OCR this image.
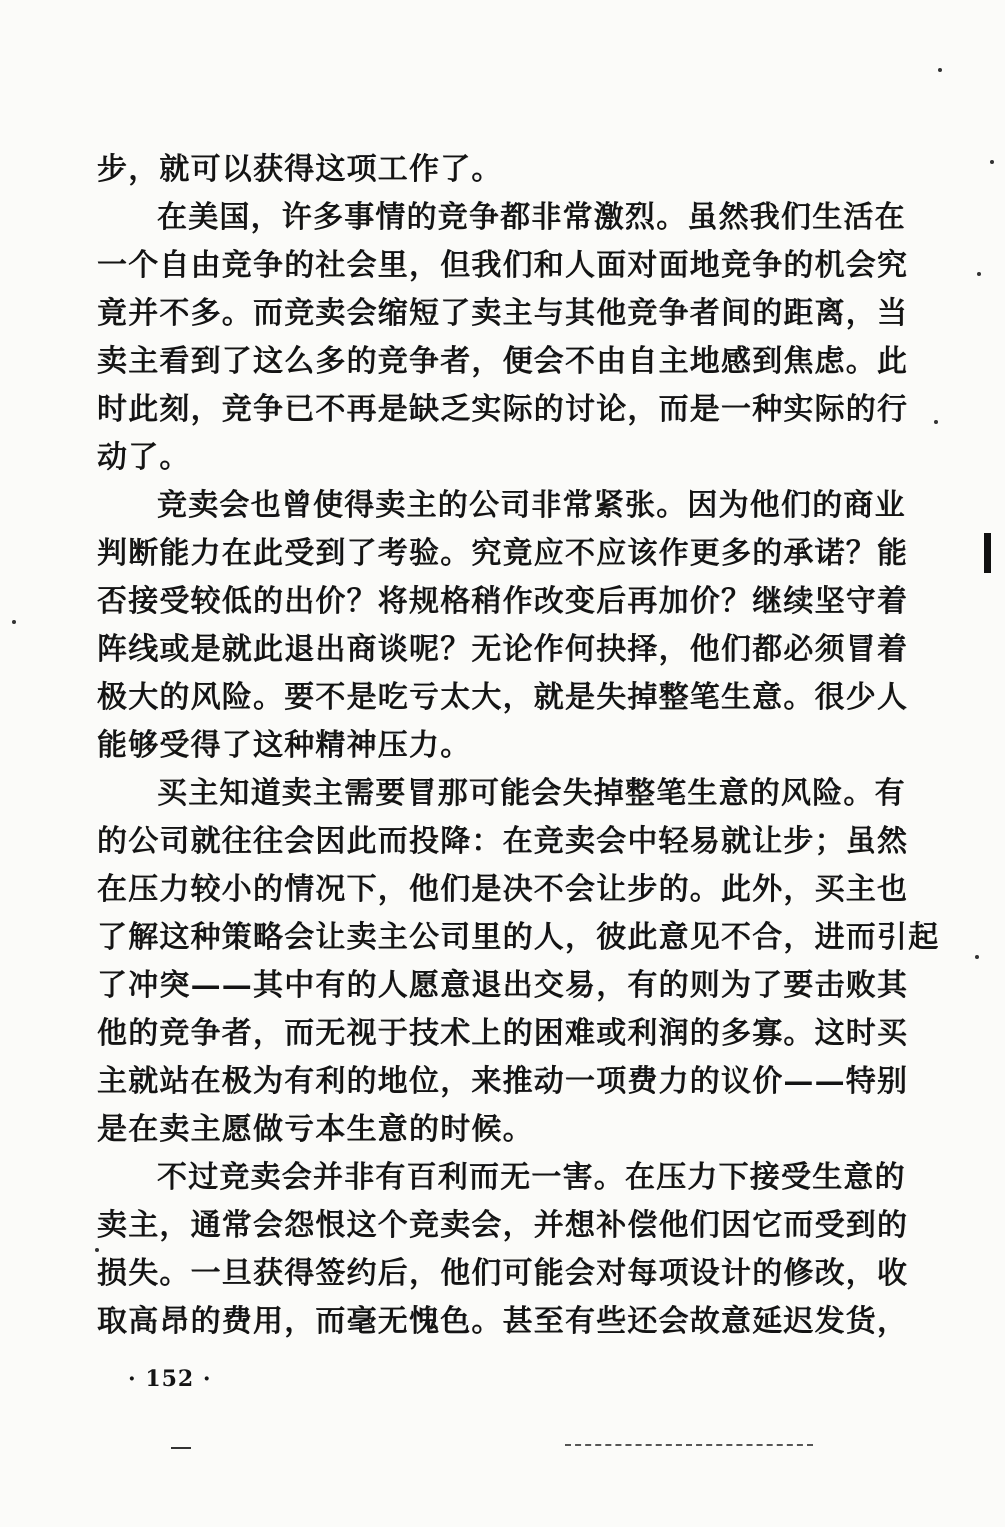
步，就可以获得这项工作了。
在美国，许多事情的竞争都非常激烈。虽然我们生活在
一个自由竞争的社会里，但我们和人面对面地竞争的机会究
竟并不多。而竞卖会缩短了卖主与其他竞争者间的距离，当
卖主看到了这么多的竞争者，便会不由自主地感到焦虑。此
时此刻，竞争已不再是缺乏实际的讨论，而是一种实际的行
动了。
竞卖会也曾使得卖主的公司非常紧张。因为他们的商业
判断能力在此受到了考验。究竟应不应该作更多的承诺？能
否接受较低的出价？将规格稍作改变后再加价？继续坚守着
阵线或是就此退出商谈呢？无论作何抉择，他们都必须冒着
极大的风险。要不是吃亏太大，就是失掉整笔生意。很少人
能够受得了这种精神压力。
买主知道卖主需要冒那可能会失掉整笔生意的风险。有
的公司就往往会因此而投降：在竞卖会中轻易就让步；虽然
在压力较小的情况下，他们是决不会让步的。此外，买主也
了解这种策略会让卖主公司里的人，彼此意见不合，进而引起
了冲突——其中有的人愿意退出交易，有的则为了要击败其
他的竞争者，而无视于技术上的困难或利润的多寡。这时买
主就站在极为有利的地位，来推动一项费力的议价——特别
是在卖主愿做亏本生意的时候。
不过竞卖会并非有百利而无一害。在压力下接受生意的
卖主，通常会怨恨这个竞卖会，并想补偿他们因它而受到的
损失。一旦获得签约后，他们可能会对每项设计的修改，收
取高昂的费用，而毫无愧色。甚至有些还会故意延迟发货，
· 152 ·
